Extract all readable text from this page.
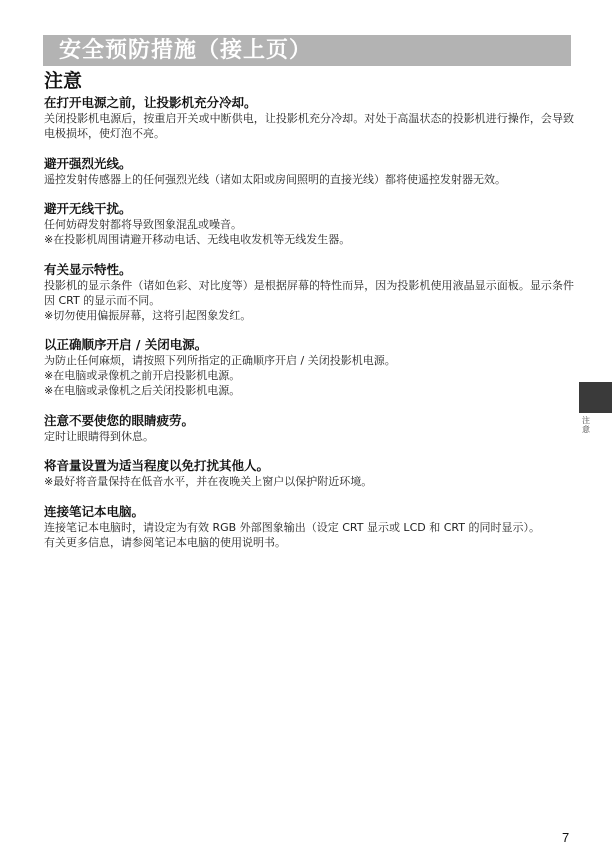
安全预防措施（接上页）
注意
在打开电源之前，让投影机充分冷却。
关闭投影机电源后，按重启开关或中断供电，让投影机充分冷却。对处于高温状态的投影机进行操作，会导致电极损坏，使灯泡不亮。
避开强烈光线。
遥控发射传感器上的任何强烈光线（诸如太阳或房间照明的直接光线）都将使遥控发射器无效。
避开无线干扰。
任何妨碍发射都将导致图象混乱或噪音。
※在投影机周围请避开移动电话、无线电收发机等无线发生器。
有关显示特性。
投影机的显示条件（诸如色彩、对比度等）是根据屏幕的特性而异，因为投影机使用液晶显示面板。显示条件因 CRT 的显示而不同。
※切勿使用偏振屏幕，这将引起图象发红。
以正确顺序开启 / 关闭电源。
为防止任何麻烦，请按照下列所指定的正确顺序开启 / 关闭投影机电源。
※在电脑或录像机之前开启投影机电源。
※在电脑或录像机之后关闭投影机电源。
注意不要使您的眼睛疲劳。
定时让眼睛得到休息。
将音量设置为适当程度以免打扰其他人。
※最好将音量保持在低音水平，并在夜晚关上窗户以保护附近环境。
连接笔记本电脑。
连接笔记本电脑时，请设定为有效 RGB 外部图象输出（设定 CRT 显示或 LCD 和 CRT 的同时显示）。
有关更多信息，请参阅笔记本电脑的使用说明书。
注意
7
